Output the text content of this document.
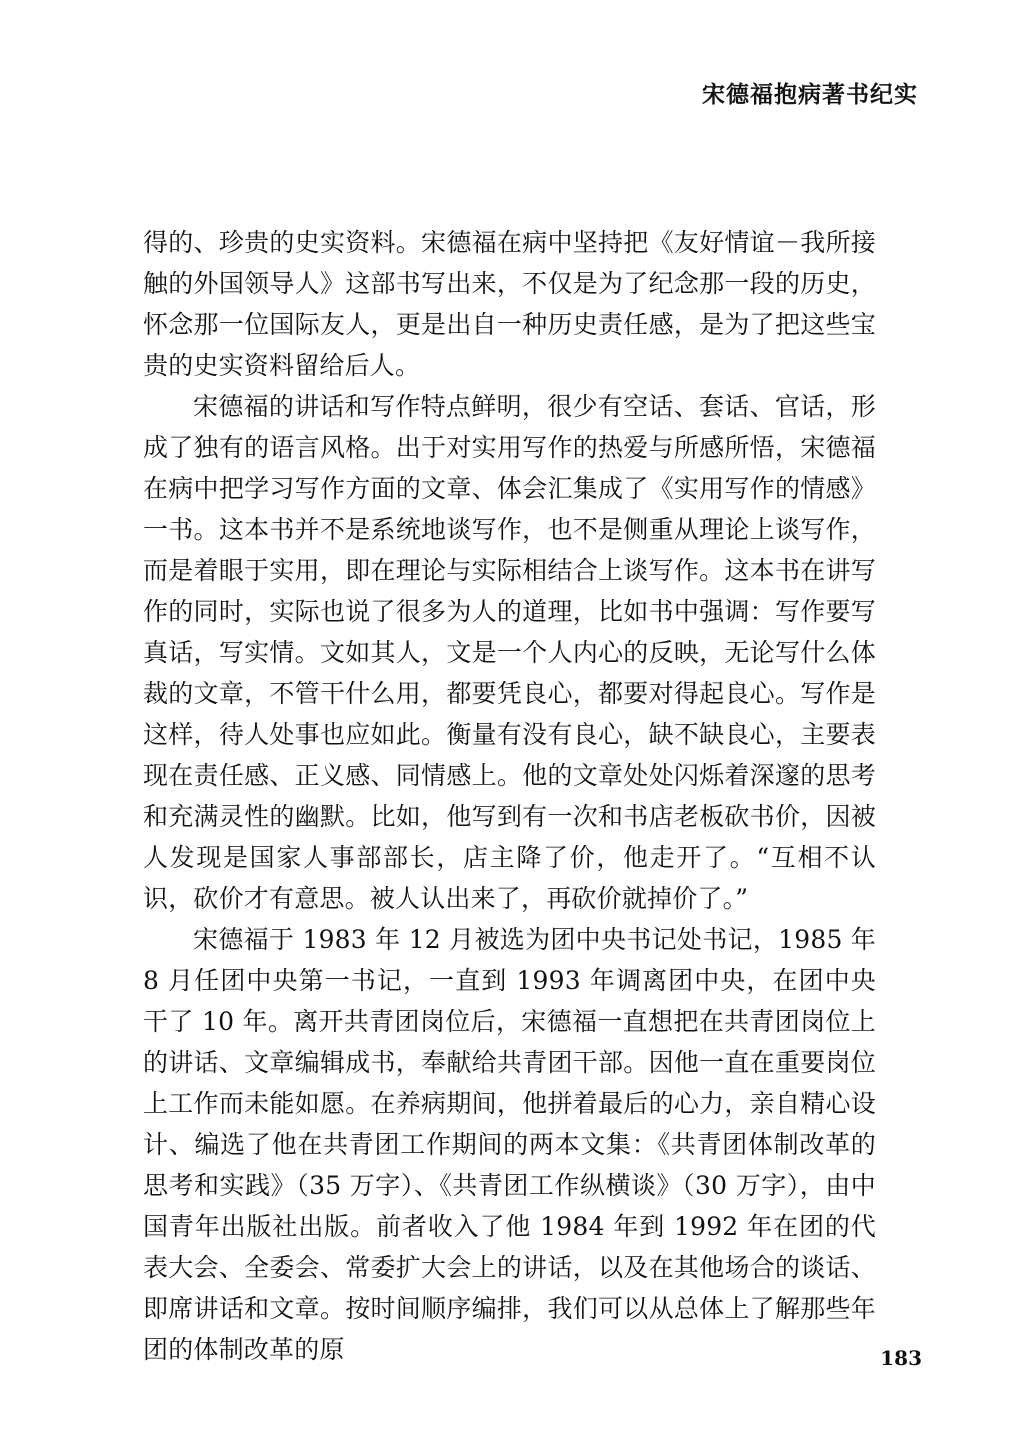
宋德福抱病著书纪实

得的、珍贵的史实资料。宋德福在病中坚持把《友好情谊－我所接触的外国领导人》这部书写出来，不仅是为了纪念那一段的历史，怀念那一位国际友人，更是出自一种历史责任感，是为了把这些宝贵的史实资料留给后人。

宋德福的讲话和写作特点鲜明，很少有空话、套话、官话，形成了独有的语言风格。出于对实用写作的热爱与所感所悟，宋德福在病中把学习写作方面的文章、体会汇集成了《实用写作的情感》一书。这本书并不是系统地谈写作，也不是侧重从理论上谈写作，而是着眼于实用，即在理论与实际相结合上谈写作。这本书在讲写作的同时，实际也说了很多为人的道理，比如书中强调：写作要写真话，写实情。文如其人，文是一个人内心的反映，无论写什么体裁的文章，不管干什么用，都要凭良心，都要对得起良心。写作是这样，待人处事也应如此。衡量有没有良心，缺不缺良心，主要表现在责任感、正义感、同情感上。他的文章处处闪烁着深邃的思考和充满灵性的幽默。比如，他写到有一次和书店老板砍书价，因被人发现是国家人事部部长，店主降了价，他走开了。“互相不认识，砍价才有意思。被人认出来了，再砍价就掉价了。”

宋德福于 1983 年 12 月被选为团中央书记处书记，1985 年 8 月任团中央第一书记，一直到 1993 年调离团中央，在团中央干了 10 年。离开共青团岗位后，宋德福一直想把在共青团岗位上的讲话、文章编辑成书，奉献给共青团干部。因他一直在重要岗位上工作而未能如愿。在养病期间，他拼着最后的心力，亲自精心设计、编选了他在共青团工作期间的两本文集：《共青团体制改革的思考和实践》（35 万字）、《共青团工作纵横谈》（30 万字），由中国青年出版社出版。前者收入了他 1984 年到 1992 年在团的代表大会、全委会、常委扩大会上的讲话，以及在其他场合的谈话、即席讲话和文章。按时间顺序编排，我们可以从总体上了解那些年团的体制改革的原	183
